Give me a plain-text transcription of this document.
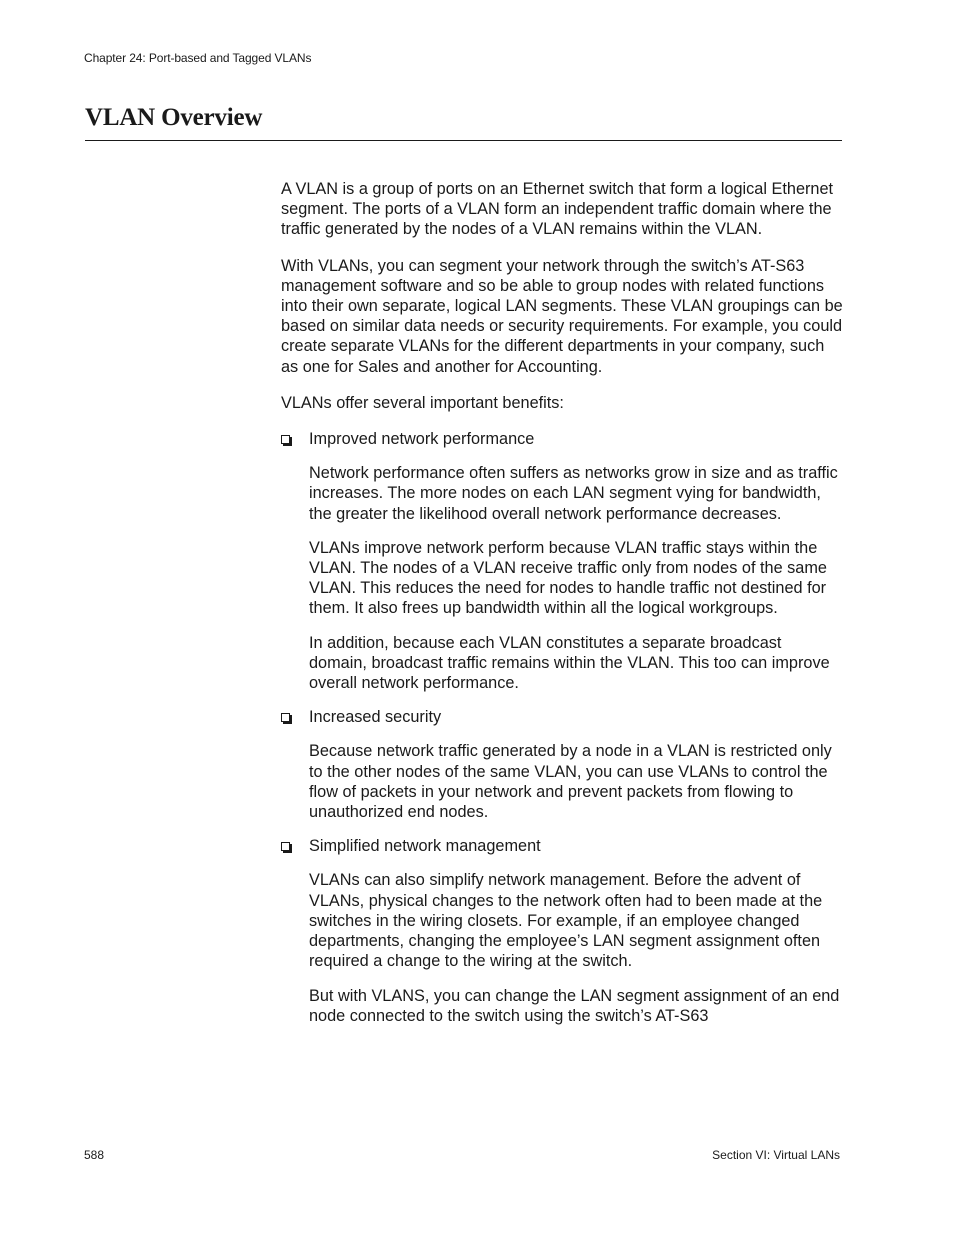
Chapter 24: Port-based and Tagged VLANs
VLAN Overview

A VLAN is a group of ports on an Ethernet switch that form a logical Ethernet segment. The ports of a VLAN form an independent traffic domain where the traffic generated by the nodes of a VLAN remains within the VLAN.

With VLANs, you can segment your network through the switch’s AT-S63 management software and so be able to group nodes with related functions into their own separate, logical LAN segments. These VLAN groupings can be based on similar data needs or security requirements. For example, you could create separate VLANs for the different departments in your company, such as one for Sales and another for Accounting.

VLANs offer several important benefits:

Improved network performance

Network performance often suffers as networks grow in size and as traffic increases. The more nodes on each LAN segment vying for bandwidth, the greater the likelihood overall network performance decreases.

VLANs improve network perform because VLAN traffic stays within the VLAN. The nodes of a VLAN receive traffic only from nodes of the same VLAN. This reduces the need for nodes to handle traffic not destined for them. It also frees up bandwidth within all the logical workgroups.

In addition, because each VLAN constitutes a separate broadcast domain, broadcast traffic remains within the VLAN. This too can improve overall network performance.

Increased security

Because network traffic generated by a node in a VLAN is restricted only to the other nodes of the same VLAN, you can use VLANs to control the flow of packets in your network and prevent packets from flowing to unauthorized end nodes.

Simplified network management

VLANs can also simplify network management. Before the advent of VLANs, physical changes to the network often had to been made at the switches in the wiring closets. For example, if an employee changed departments, changing the employee’s LAN segment assignment often required a change to the wiring at the switch.

But with VLANS, you can change the LAN segment assignment of an end node connected to the switch using the switch’s AT-S63

588	Section VI: Virtual LANs
